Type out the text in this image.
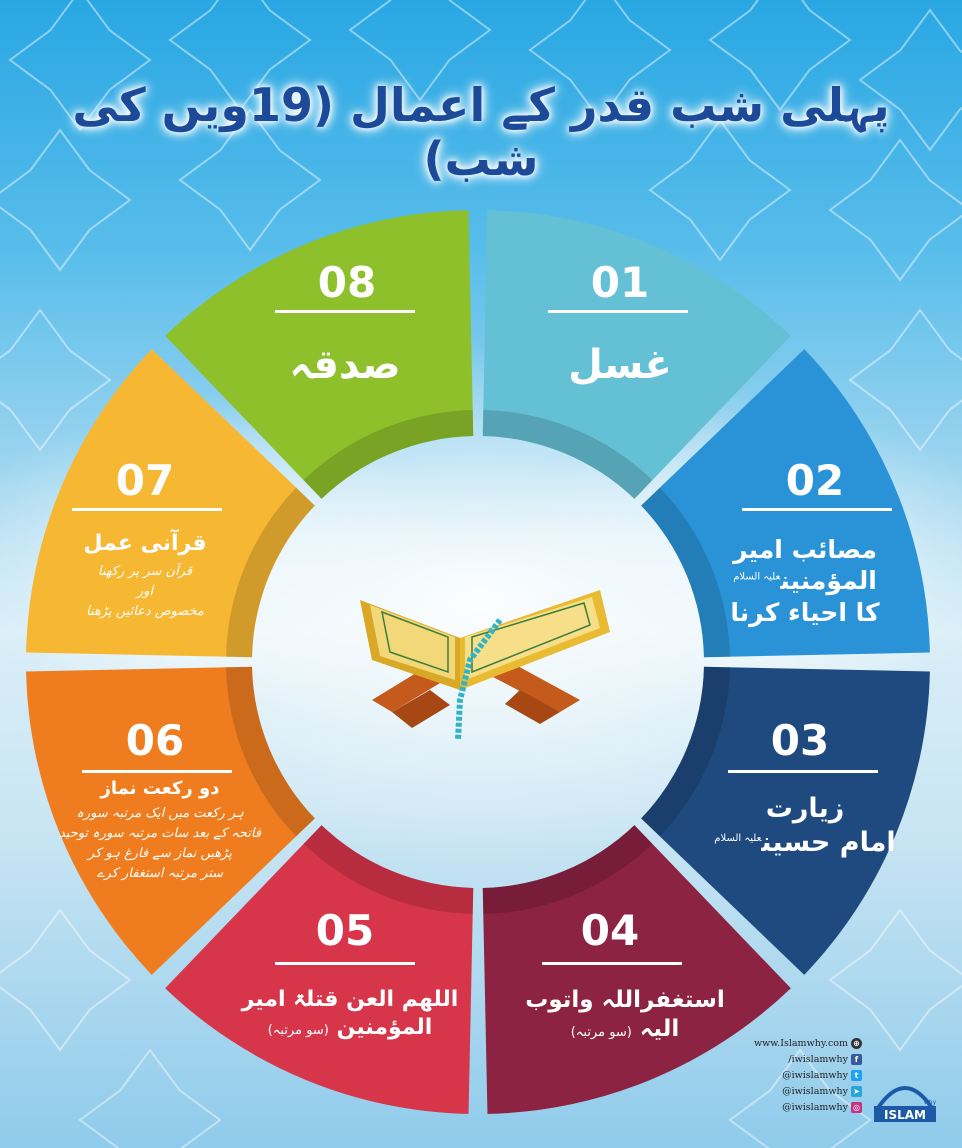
پہلی شب قدر کے اعمال (19ویں کی شب)
01
غسل
02
مصائب امیر
المؤمنین$^{علیہ السلام}$
کا احیاء کرنا
03
زیارت
امام حسین$^{علیہ السلام}$
04
استغفراللہ واتوب
الیہ (سو مرتبہ)
05
اللھم العن قتلۃ امیر
المؤمنین (سو مرتبہ)
06
دو رکعت نماز
ہر رکعت میں ایک مرتبہ سورہ
فاتحہ کے بعد سات مرتبہ سورہ توحید
پڑھیں نماز سے فارغ ہو کر
ستر مرتبہ استغفار کرے
07
قرآنی عمل
قرآن سر پر رکھنا
اور
مخصوص دعائیں پڑھنا
08
صدقہ
www.Islamwhy.com ⊕
/iwislamwhy f
@iwislamwhy t
@iwislamwhy ➤
@iwislamwhy ◎
ISLAM
why
